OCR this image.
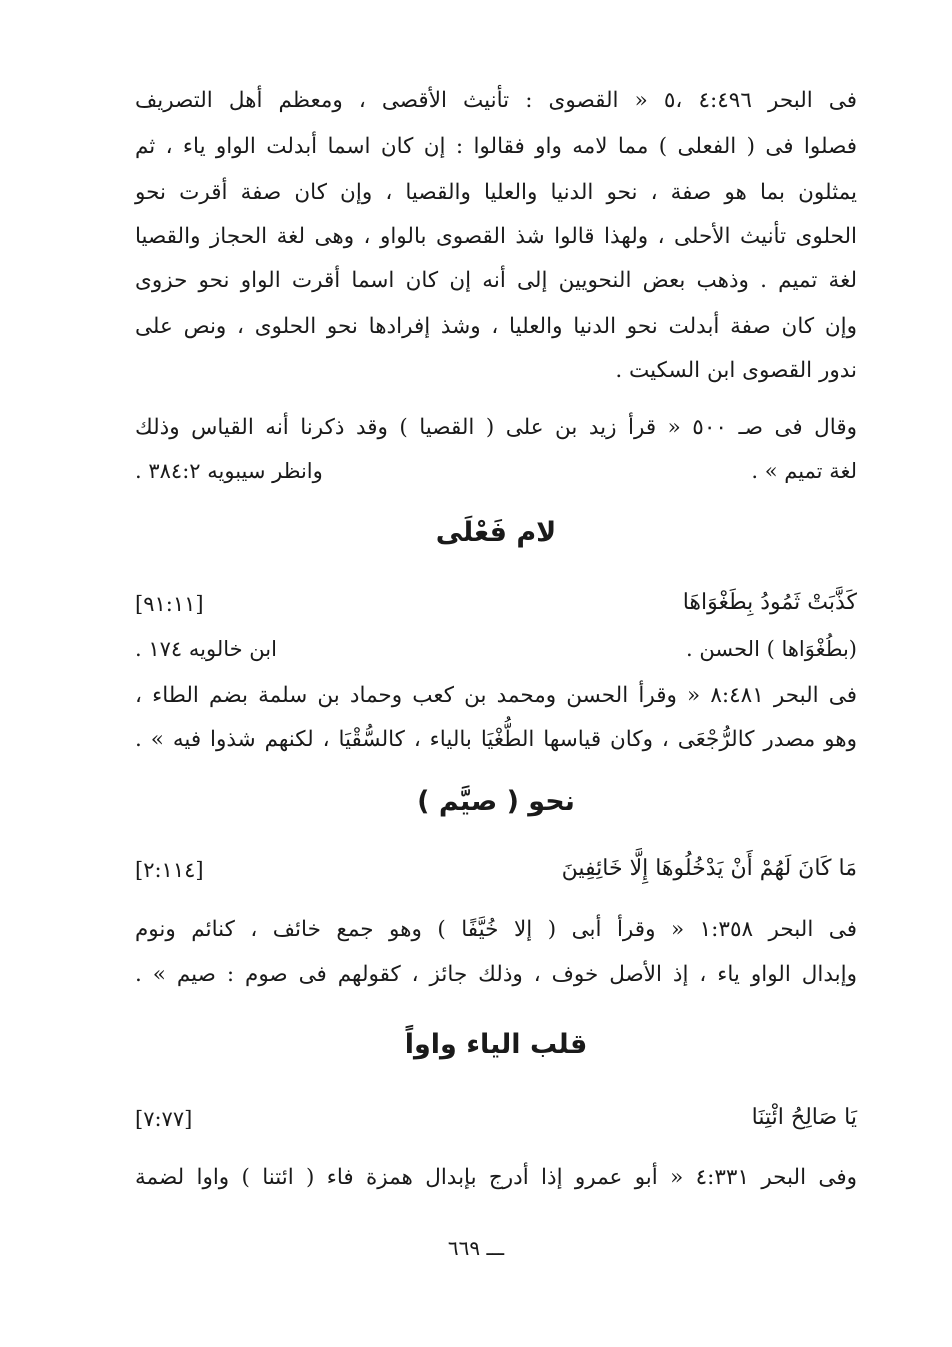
فى البحر ٤:٤٩٦ ،٥ « القصوى : تأنيث الأقصى ، ومعظم أهل التصريف
فصلوا فى ( الفعلى ) مما لامه واو فقالوا : إن كان اسما أبدلت الواو ياء ، ثم
يمثلون بما هو صفة ، نحو الدنيا والعليا والقصيا ، وإن كان صفة أقرت نحو
الحلوى تأنيث الأحلى ، ولهذا قالوا شذ القصوى بالواو ، وهى لغة الحجاز والقصيا
لغة تميم . وذهب بعض النحويين إلى أنه إن كان اسما أقرت الواو نحو حزوى
وإن كان صفة أبدلت نحو الدنيا والعليا ، وشذ إفرادها نحو الحلوى ، ونص على
ندور القصوى ابن السكيت .
وقال فى صـ ٥٠٠ « قرأ زيد بن على ( القصيا ) وقد ذكرنا أنه القياس وذلك
لغة تميم » .
وانظر سيبويه ٣٨٤:٢ .
لام فَعْلَى
كَذَّبَتْ ثَمُودُ بِطَغْوَاهَا
[٩١:١١]
(بطُغْوَاها ) الحسن .
ابن خالويه ١٧٤ .
فى البحر ٨:٤٨١ « وقرأ الحسن ومحمد بن كعب وحماد بن سلمة بضم الطاء ،
وهو مصدر كالرُّجْعَى ، وكان قياسها الطُّغْيَا بالياء ، كالسُّقْيَا ، لكنهم شذوا فيه » .
نحو ( صيَّم )
مَا كَانَ لَهُمْ أَنْ يَدْخُلُوهَا إِلَّا خَائِفِينَ
[٢:١١٤]
فى البحر ١:٣٥٨ « وقرأ أبى ( إلا خُيَّفًا ) وهو جمع خائف ، كنائم ونوم
وإبدال الواو ياء ، إذ الأصل خوف ، وذلك جائز ، كقولهم فى صوم : صيم » .
قلب الياء واواً
يَا صَالِحُ ائْتِنَا
[٧:٧٧]
وفى البحر ٤:٣٣١ « أبو عمرو إذا أدرج بإبدال همزة فاء ( ائتنا ) واوا لضمة
ـــ ٦٦٩
